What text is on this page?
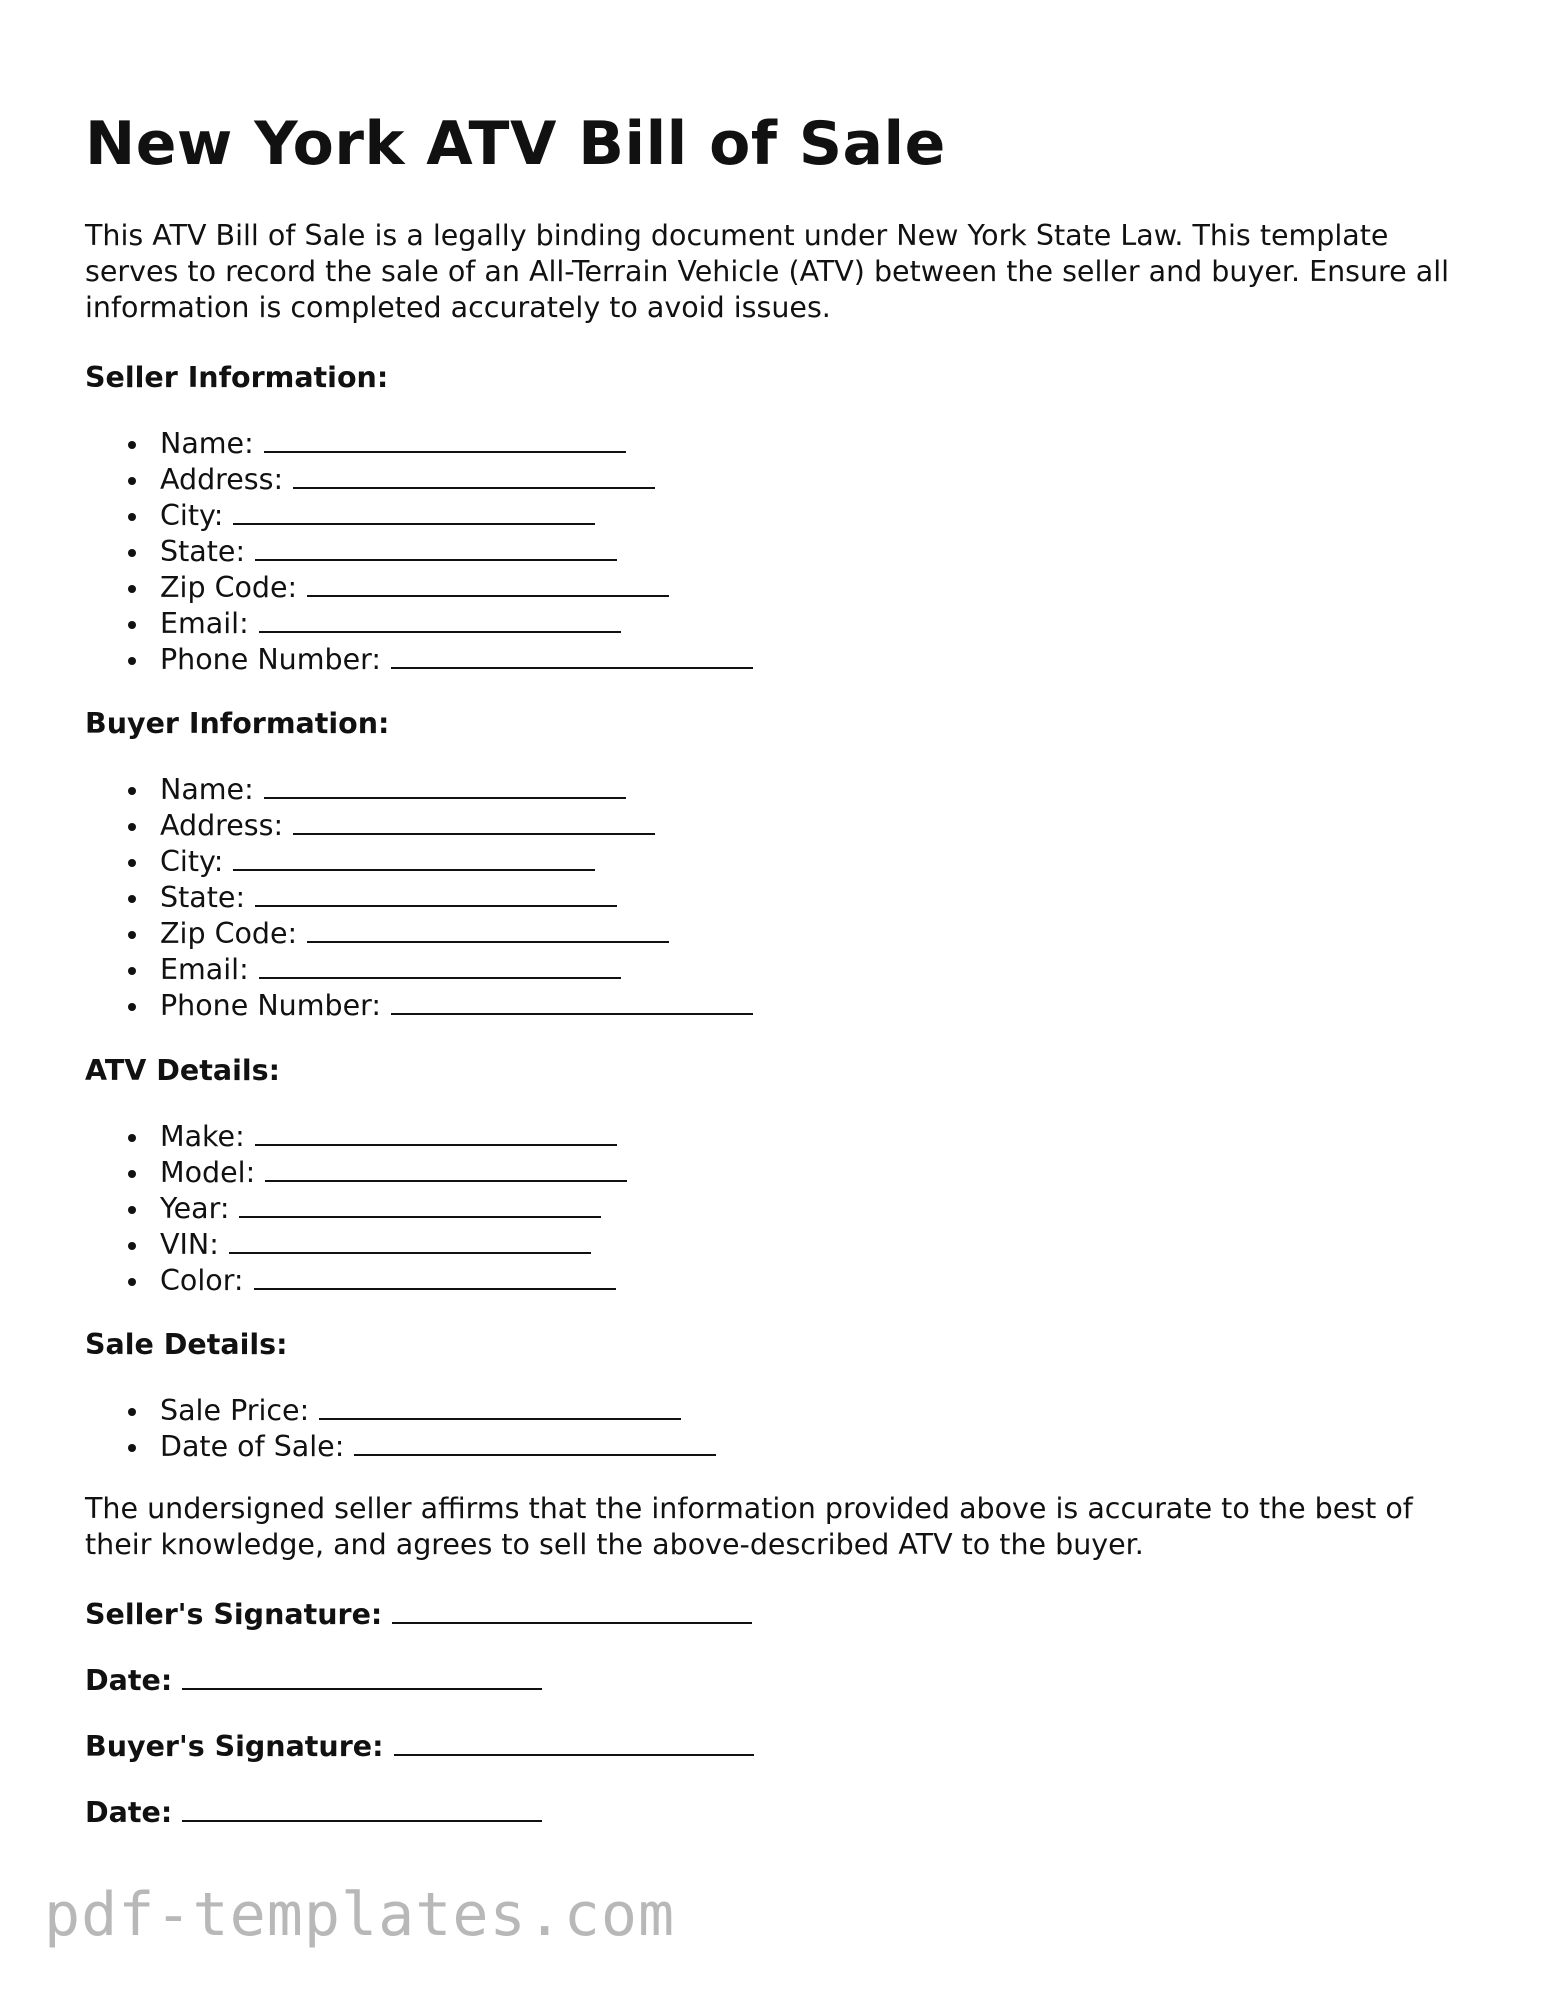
New York ATV Bill of Sale

This ATV Bill of Sale is a legally binding document under New York State Law. This template serves to record the sale of an All-Terrain Vehicle (ATV) between the seller and buyer. Ensure all information is completed accurately to avoid issues.

Seller Information:
Name:
Address:
City:
State:
Zip Code:
Email:
Phone Number:
Buyer Information:
Name:
Address:
City:
State:
Zip Code:
Email:
Phone Number:
ATV Details:
Make:
Model:
Year:
VIN:
Color:
Sale Details:
Sale Price:
Date of Sale:

The undersigned seller affirms that the information provided above is accurate to the best of their knowledge, and agrees to sell the above-described ATV to the buyer.

Seller's Signature:
Date:
Buyer's Signature:
Date:
pdf-templates.com
